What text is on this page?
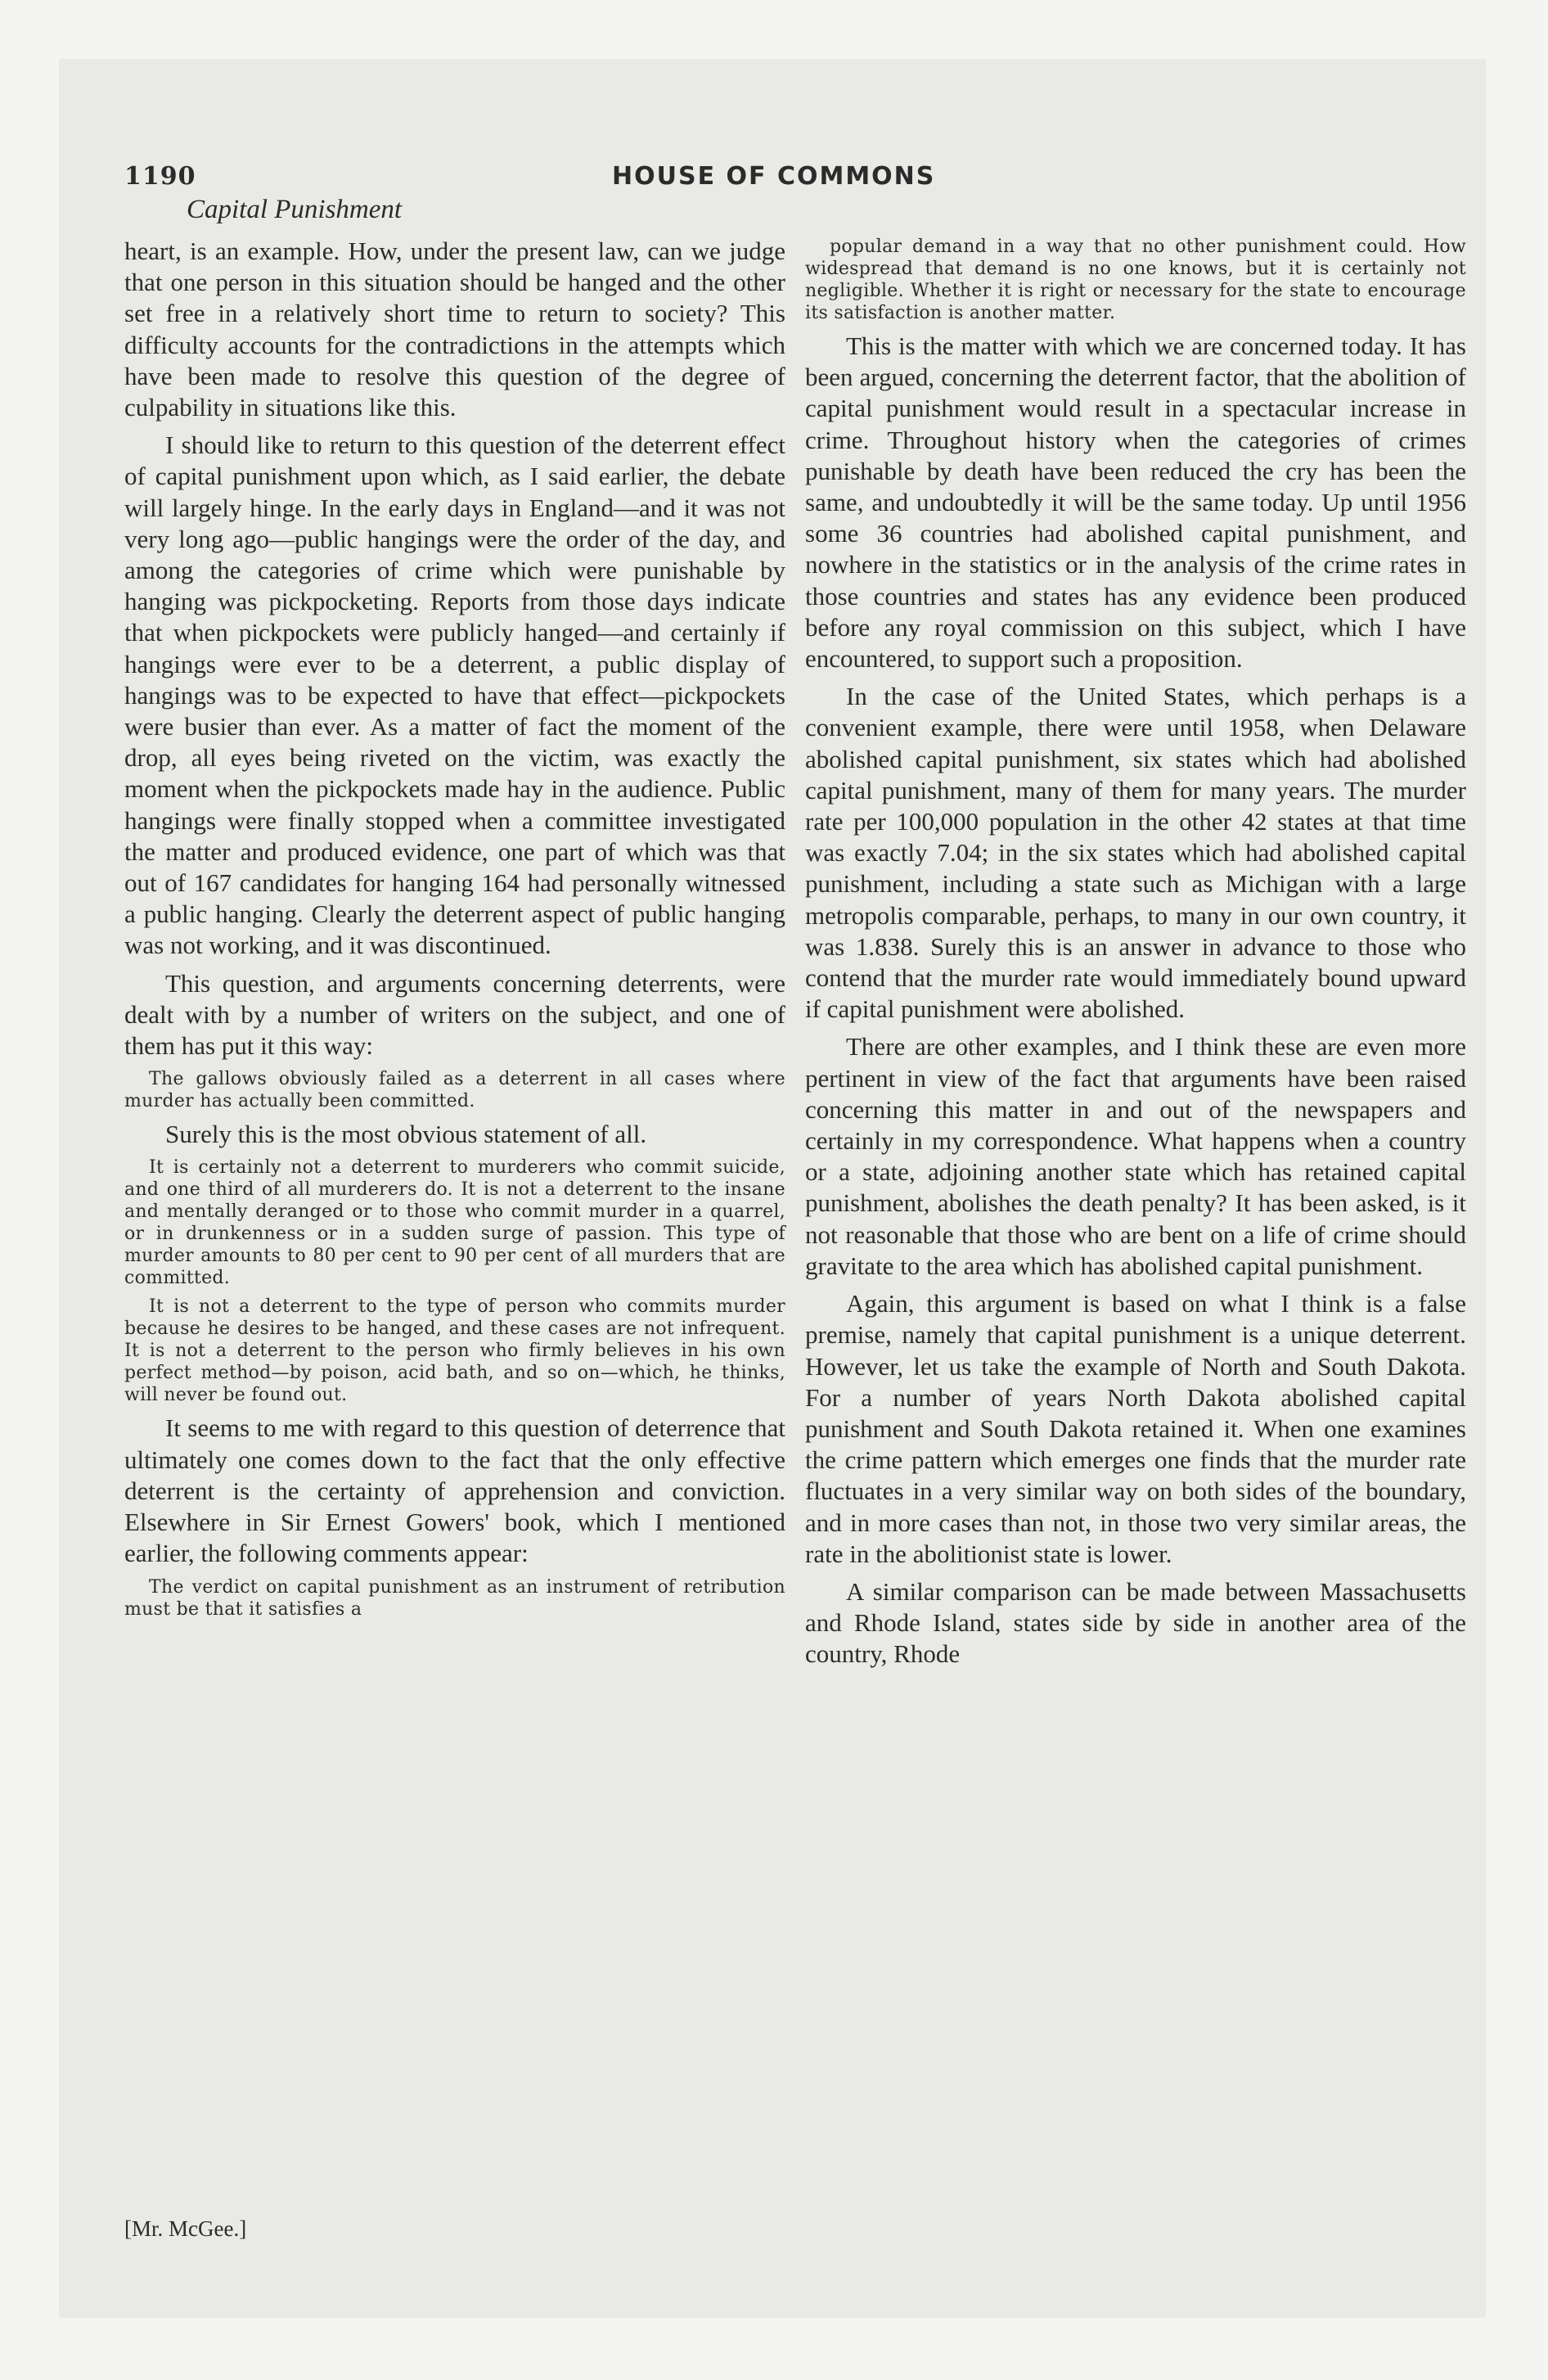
1190	HOUSE OF COMMONS
Capital Punishment

heart, is an example. How, under the present law, can we judge that one person in this situation should be hanged and the other set free in a relatively short time to return to society? This difficulty accounts for the contradictions in the attempts which have been made to resolve this question of the degree of culpability in situations like this.

I should like to return to this question of the deterrent effect of capital punishment upon which, as I said earlier, the debate will largely hinge. In the early days in England—and it was not very long ago—public hangings were the order of the day, and among the categories of crime which were punishable by hanging was pickpocketing. Reports from those days indicate that when pickpockets were publicly hanged—and certainly if hangings were ever to be a deterrent, a public display of hangings was to be expected to have that effect—pickpockets were busier than ever. As a matter of fact the moment of the drop, all eyes being riveted on the victim, was exactly the moment when the pickpockets made hay in the audience. Public hangings were finally stopped when a committee investigated the matter and produced evidence, one part of which was that out of 167 candidates for hanging 164 had personally witnessed a public hanging. Clearly the deterrent aspect of public hanging was not working, and it was discontinued.

This question, and arguments concerning deterrents, were dealt with by a number of writers on the subject, and one of them has put it this way:

The gallows obviously failed as a deterrent in all cases where murder has actually been committed.

Surely this is the most obvious statement of all.

It is certainly not a deterrent to murderers who commit suicide, and one third of all murderers do. It is not a deterrent to the insane and mentally deranged or to those who commit murder in a quarrel, or in drunkenness or in a sudden surge of passion. This type of murder amounts to 80 per cent to 90 per cent of all murders that are committed.

It is not a deterrent to the type of person who commits murder because he desires to be hanged, and these cases are not infrequent. It is not a deterrent to the person who firmly believes in his own perfect method—by poison, acid bath, and so on—which, he thinks, will never be found out.

It seems to me with regard to this question of deterrence that ultimately one comes down to the fact that the only effective deterrent is the certainty of apprehension and conviction. Elsewhere in Sir Ernest Gowers' book, which I mentioned earlier, the following comments appear:

The verdict on capital punishment as an instrument of retribution must be that it satisfies a

popular demand in a way that no other punishment could. How widespread that demand is no one knows, but it is certainly not negligible. Whether it is right or necessary for the state to encourage its satisfaction is another matter.

This is the matter with which we are concerned today. It has been argued, concerning the deterrent factor, that the abolition of capital punishment would result in a spectacular increase in crime. Throughout history when the categories of crimes punishable by death have been reduced the cry has been the same, and undoubtedly it will be the same today. Up until 1956 some 36 countries had abolished capital punishment, and nowhere in the statistics or in the analysis of the crime rates in those countries and states has any evidence been produced before any royal commission on this subject, which I have encountered, to support such a proposition.

In the case of the United States, which perhaps is a convenient example, there were until 1958, when Delaware abolished capital punishment, six states which had abolished capital punishment, many of them for many years. The murder rate per 100,000 population in the other 42 states at that time was exactly 7.04; in the six states which had abolished capital punishment, including a state such as Michigan with a large metropolis comparable, perhaps, to many in our own country, it was 1.838. Surely this is an answer in advance to those who contend that the murder rate would immediately bound upward if capital punishment were abolished.

There are other examples, and I think these are even more pertinent in view of the fact that arguments have been raised concerning this matter in and out of the newspapers and certainly in my correspondence. What happens when a country or a state, adjoining another state which has retained capital punishment, abolishes the death penalty? It has been asked, is it not reasonable that those who are bent on a life of crime should gravitate to the area which has abolished capital punishment.

Again, this argument is based on what I think is a false premise, namely that capital punishment is a unique deterrent. However, let us take the example of North and South Dakota. For a number of years North Dakota abolished capital punishment and South Dakota retained it. When one examines the crime pattern which emerges one finds that the murder rate fluctuates in a very similar way on both sides of the boundary, and in more cases than not, in those two very similar areas, the rate in the abolitionist state is lower.

A similar comparison can be made between Massachusetts and Rhode Island, states side by side in another area of the country, Rhode

[Mr. McGee.]
